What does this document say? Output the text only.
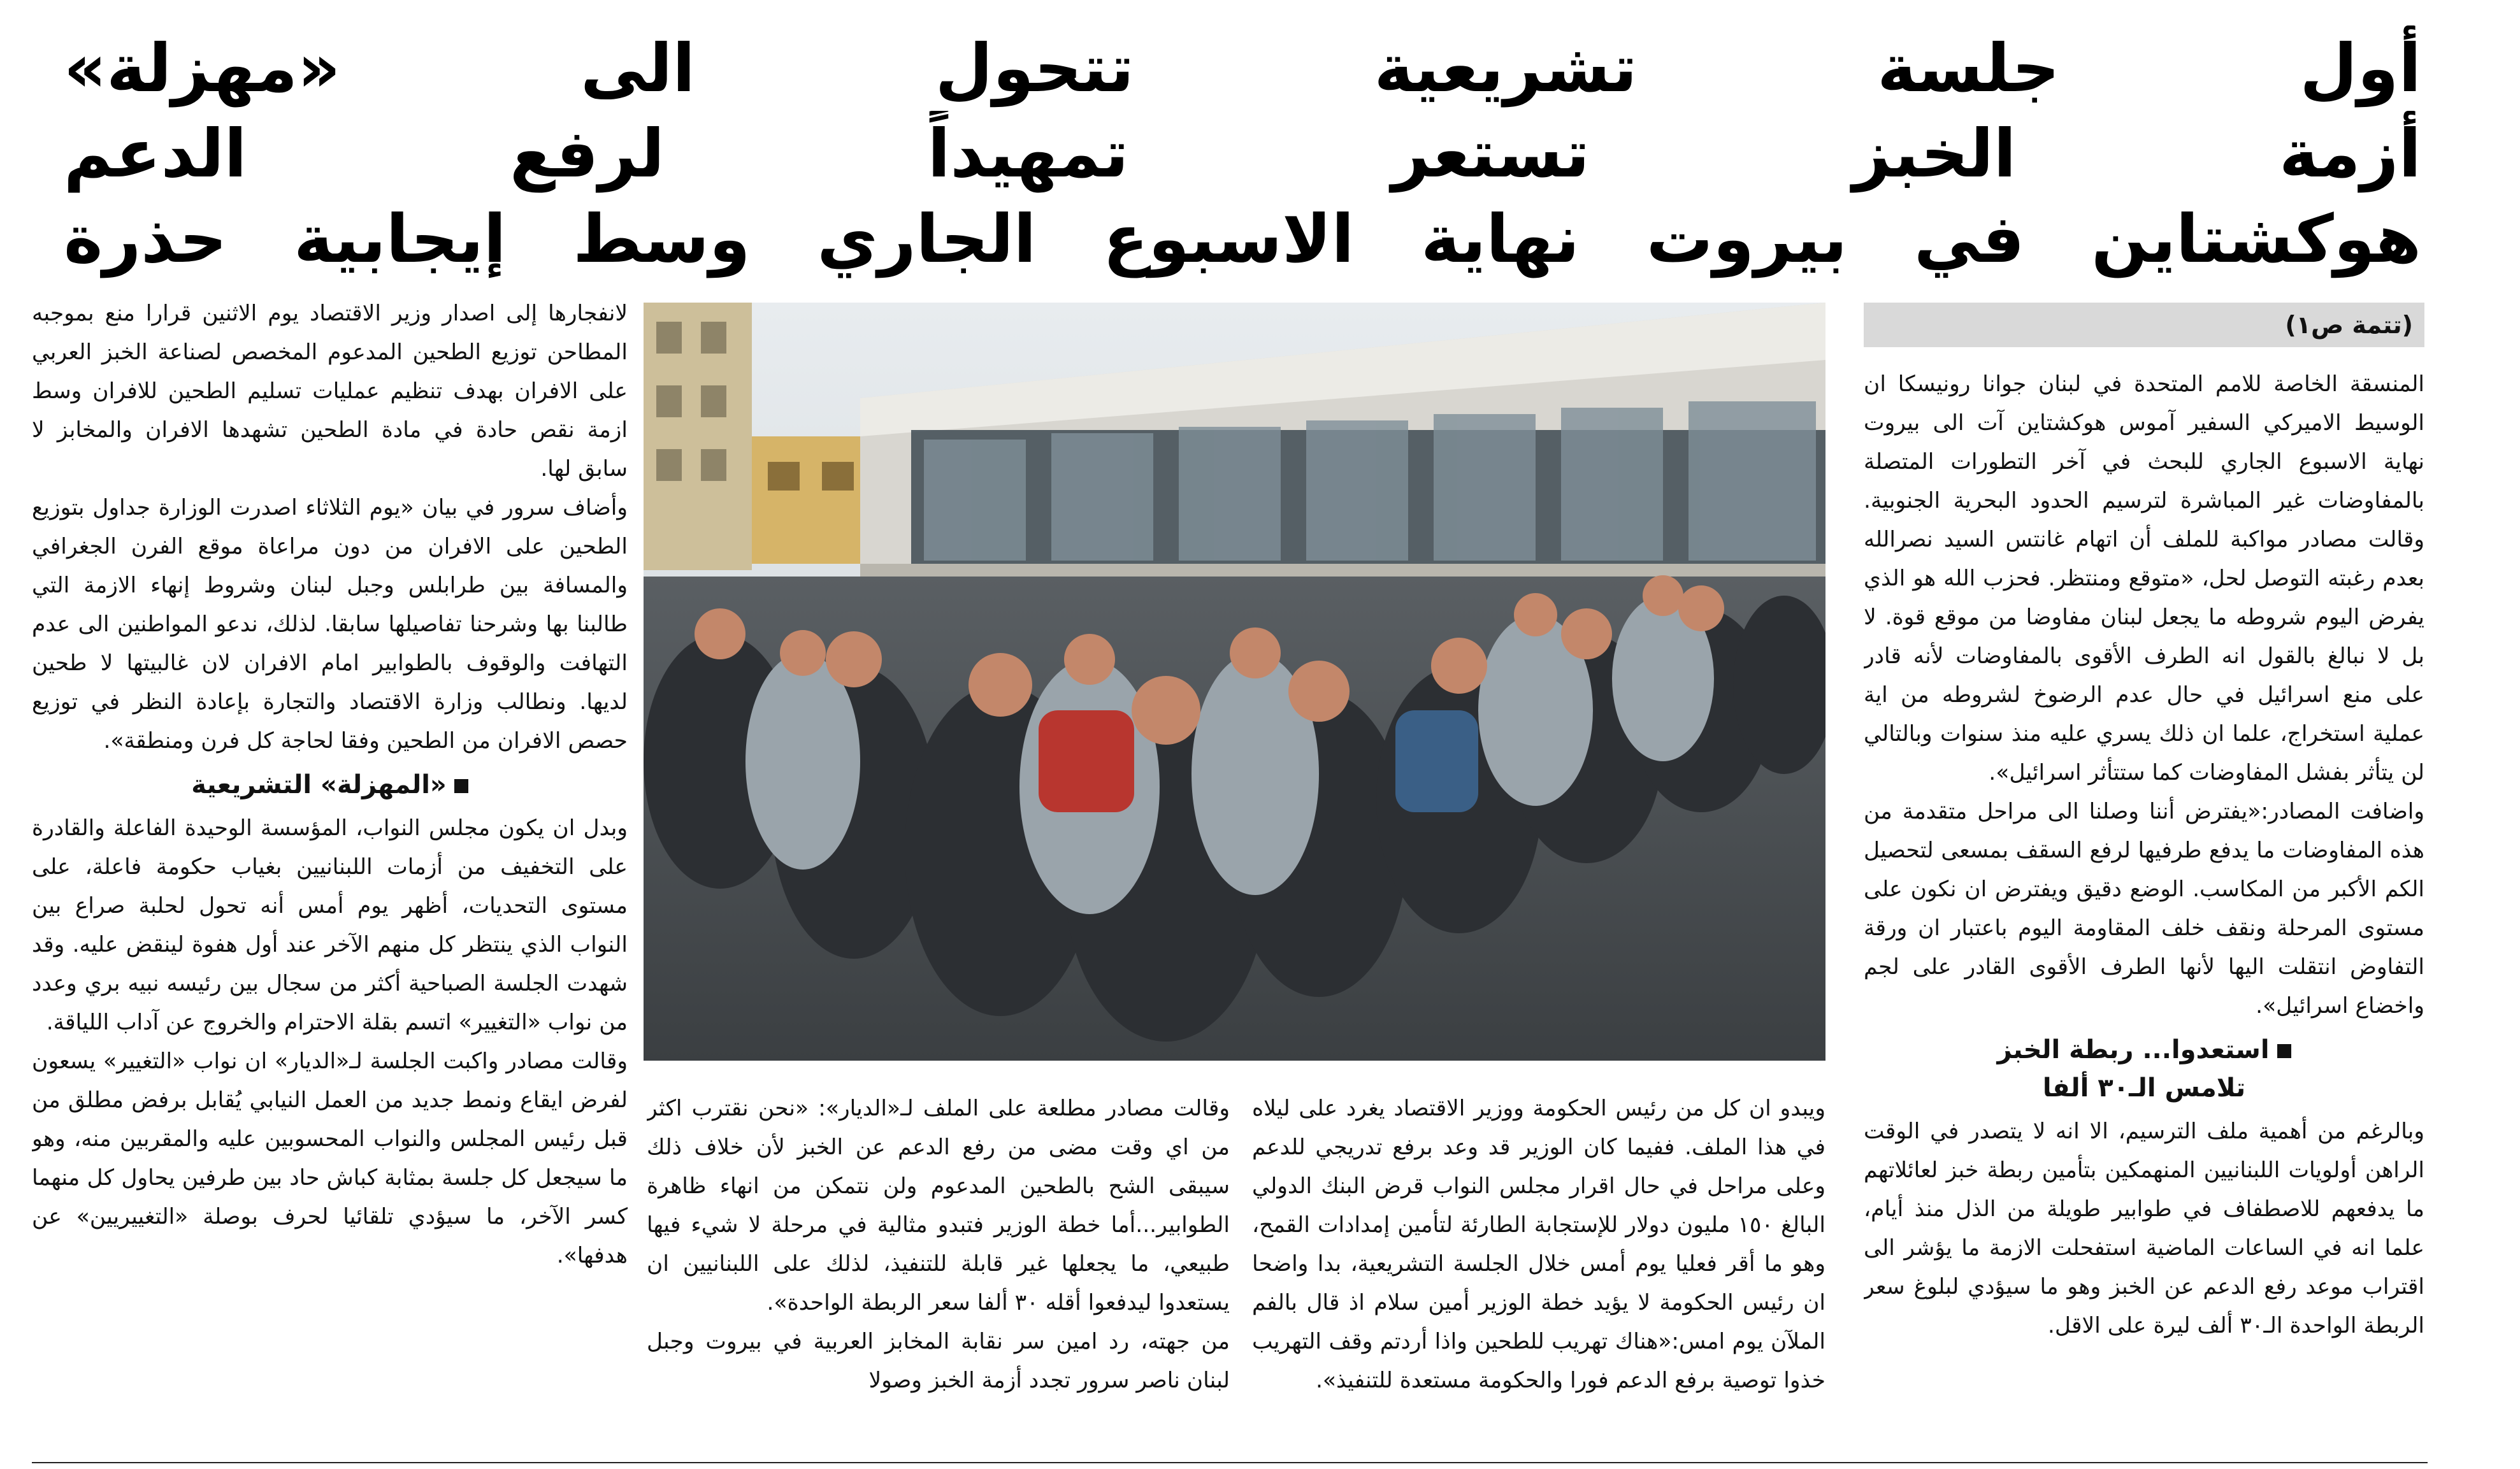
أول جلسة تشريعية تتحول الى «مهزلة»
أزمة الخبز تستعر تمهيداً لرفع الدعم
هوكشتاين في بيروت نهاية الاسبوع الجاري وسط إيجابية حذرة
(تتمة ص١)

المنسقة الخاصة للامم المتحدة في لبنان جوانا رونيسكا ان الوسيط الاميركي السفير آموس هوكشتاين آت الى بيروت نهاية الاسبوع الجاري للبحث في آخر التطورات المتصلة بالمفاوضات غير المباشرة لترسيم الحدود البحرية الجنوبية. وقالت مصادر مواكبة للملف أن اتهام غانتس السيد نصرالله بعدم رغبته التوصل لحل، «متوقع ومنتظر. فحزب الله هو الذي يفرض اليوم شروطه ما يجعل لبنان مفاوضا من موقع قوة. لا بل لا نبالغ بالقول انه الطرف الأقوى بالمفاوضات لأنه قادر على منع اسرائيل في حال عدم الرضوخ لشروطه من اية عملية استخراج، علما ان ذلك يسري عليه منذ سنوات وبالتالي لن يتأثر بفشل المفاوضات كما ستتأثر اسرائيل».

واضافت المصادر:«يفترض أننا وصلنا الى مراحل متقدمة من هذه المفاوضات ما يدفع طرفيها لرفع السقف بمسعى لتحصيل الكم الأكبر من المكاسب. الوضع دقيق ويفترض ان نكون على مستوى المرحلة ونقف خلف المقاومة اليوم باعتبار ان ورقة التفاوض انتقلت اليها لأنها الطرف الأقوى القادر على لجم واخضاع اسرائيل».

استعدوا... ربطة الخبز
تلامس الـ٣٠ ألفا

وبالرغم من أهمية ملف الترسيم، الا انه لا يتصدر في الوقت الراهن أولويات اللبنانيين المنهمكين بتأمين ربطة خبز لعائلاتهم ما يدفعهم للاصطفاف في طوابير طويلة من الذل منذ أيام، علما انه في الساعات الماضية استفحلت الازمة ما يؤشر الى اقتراب موعد رفع الدعم عن الخبز وهو ما سيؤدي لبلوغ سعر الربطة الواحدة الـ٣٠ ألف ليرة على الاقل.

لانفجارها إلى اصدار وزير الاقتصاد يوم الاثنين قرارا منع بموجبه المطاحن توزيع الطحين المدعوم المخصص لصناعة الخبز العربي على الافران بهدف تنظيم عمليات تسليم الطحين للافران وسط ازمة نقص حادة في مادة الطحين تشهدها الافران والمخابز لا سابق لها.

وأضاف سرور في بيان «يوم الثلاثاء اصدرت الوزارة جداول بتوزيع الطحين على الافران من دون مراعاة موقع الفرن الجغرافي والمسافة بين طرابلس وجبل لبنان وشروط إنهاء الازمة التي طالبنا بها وشرحنا تفاصيلها سابقا. لذلك، ندعو المواطنين الى عدم التهافت والوقوف بالطوابير امام الافران لان غالبيتها لا طحين لديها. ونطالب وزارة الاقتصاد والتجارة بإعادة النظر في توزيع حصص الافران من الطحين وفقا لحاجة كل فرن ومنطقة».

«المهزلة» التشريعية

وبدل ان يكون مجلس النواب، المؤسسة الوحيدة الفاعلة والقادرة على التخفيف من أزمات اللبنانيين بغياب حكومة فاعلة، على مستوى التحديات، أظهر يوم أمس أنه تحول لحلبة صراع بين النواب الذي ينتظر كل منهم الآخر عند أول هفوة لينقض عليه. وقد شهدت الجلسة الصباحية أكثر من سجال بين رئيسه نبيه بري وعدد من نواب «التغيير» اتسم بقلة الاحترام والخروج عن آداب اللياقة.

وقالت مصادر واكبت الجلسة لـ«الديار» ان نواب «التغيير» يسعون لفرض ايقاع ونمط جديد من العمل النيابي يُقابل برفض مطلق من قبل رئيس المجلس والنواب المحسوبين عليه والمقربين منه، وهو ما سيجعل كل جلسة بمثابة كباش حاد بين طرفين يحاول كل منهما كسر الآخر، ما سيؤدي تلقائيا لحرف بوصلة «التغييريين» عن هدفها».

ويبدو ان كل من رئيس الحكومة ووزير الاقتصاد يغرد على ليلاه في هذا الملف. ففيما كان الوزير قد وعد برفع تدريجي للدعم وعلى مراحل في حال اقرار مجلس النواب قرض البنك الدولي البالغ ١٥٠ مليون دولار للإستجابة الطارئة لتأمين إمدادات القمح، وهو ما أقر فعليا يوم أمس خلال الجلسة التشريعية، بدا واضحا ان رئيس الحكومة لا يؤيد خطة الوزير أمين سلام اذ قال بالفم الملآن يوم امس:«هناك تهريب للطحين واذا أردتم وقف التهريب خذوا توصية برفع الدعم فورا والحكومة مستعدة للتنفيذ».

وقالت مصادر مطلعة على الملف لـ«الديار»: «نحن نقترب اكثر من اي وقت مضى من رفع الدعم عن الخبز لأن خلاف ذلك سيبقى الشح بالطحين المدعوم ولن نتمكن من انهاء ظاهرة الطوابير...أما خطة الوزير فتبدو مثالية في مرحلة لا شيء فيها طبيعي، ما يجعلها غير قابلة للتنفيذ، لذلك على اللبنانيين ان يستعدوا ليدفعوا أقله ٣٠ ألفا سعر الربطة الواحدة».

من جهته، رد امين سر نقابة المخابز العربية في بيروت وجبل لبنان ناصر سرور تجدد أزمة الخبز وصولا
